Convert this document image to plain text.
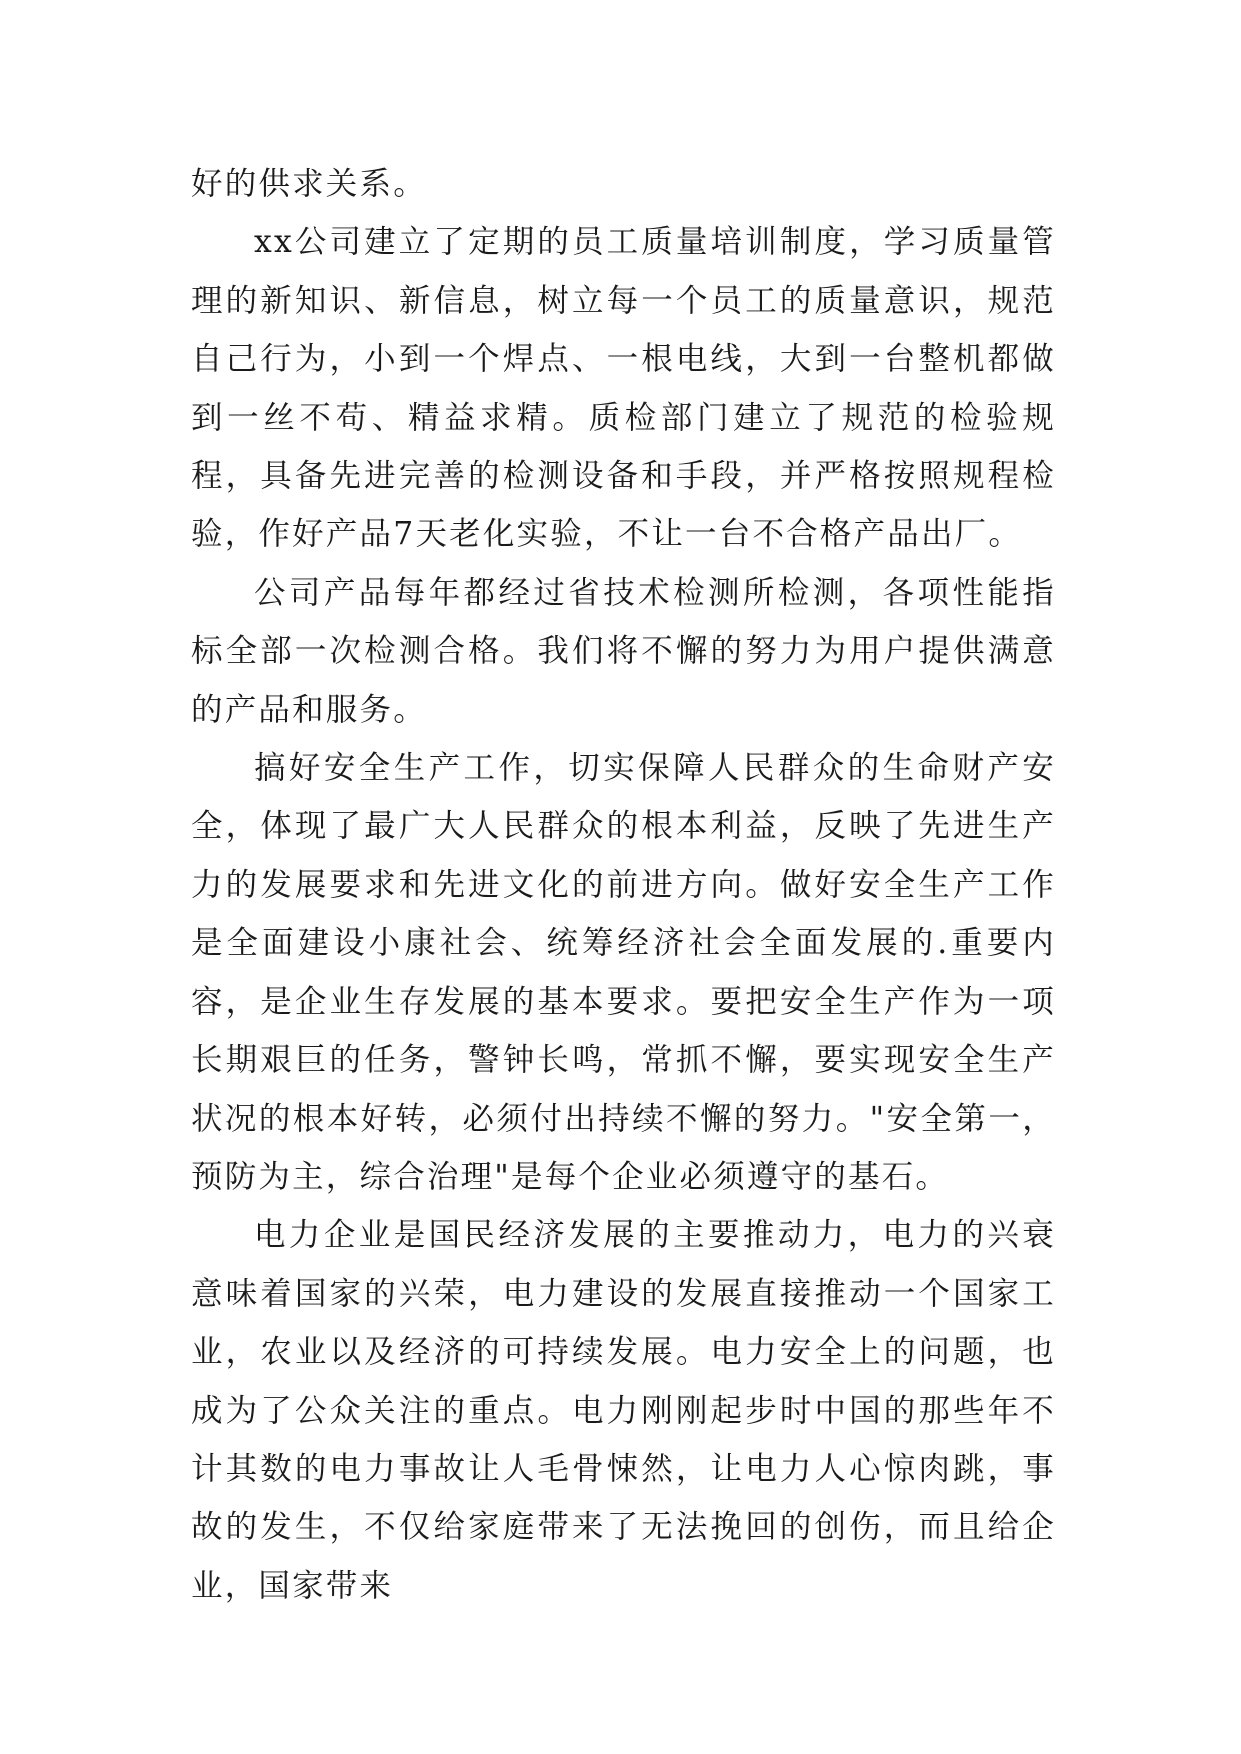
好的供求关系。

xx公司建立了定期的员工质量培训制度，学习质量管理的新知识、新信息，树立每一个员工的质量意识，规范自己行为，小到一个焊点、一根电线，大到一台整机都做到一丝不苟、精益求精。质检部门建立了规范的检验规程，具备先进完善的检测设备和手段，并严格按照规程检验，作好产品7天老化实验，不让一台不合格产品出厂。

公司产品每年都经过省技术检测所检测，各项性能指标全部一次检测合格。我们将不懈的努力为用户提供满意的产品和服务。

搞好安全生产工作，切实保障人民群众的生命财产安全，体现了最广大人民群众的根本利益，反映了先进生产力的发展要求和先进文化的前进方向。做好安全生产工作是全面建设小康社会、统筹经济社会全面发展的.重要内容，是企业生存发展的基本要求。要把安全生产作为一项长期艰巨的任务，警钟长鸣，常抓不懈，要实现安全生产状况的根本好转，必须付出持续不懈的努力。"安全第一，预防为主，综合治理"是每个企业必须遵守的基石。

电力企业是国民经济发展的主要推动力，电力的兴衰意味着国家的兴荣，电力建设的发展直接推动一个国家工业，农业以及经济的可持续发展。电力安全上的问题，也成为了公众关注的重点。电力刚刚起步时中国的那些年不计其数的电力事故让人毛骨悚然，让电力人心惊肉跳，事故的发生，不仅给家庭带来了无法挽回的创伤，而且给企业，国家带来
